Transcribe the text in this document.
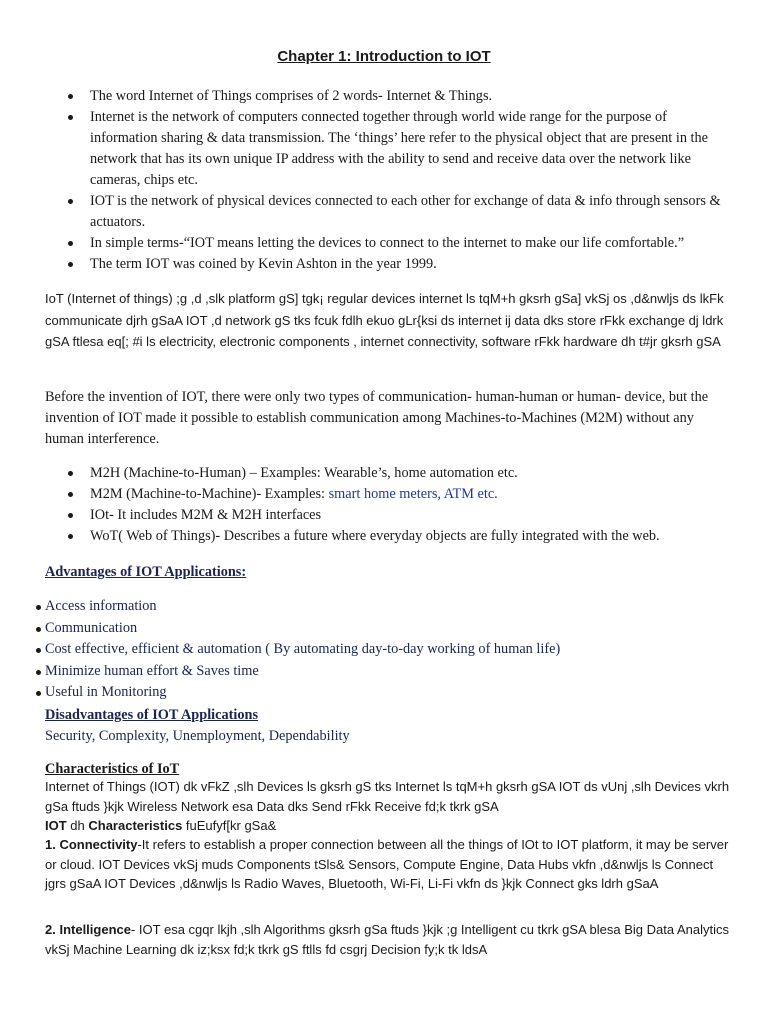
Chapter 1: Introduction to IOT
The word Internet of Things comprises of 2 words- Internet & Things.
Internet is the network of computers connected together through world wide range for the purpose of information sharing & data transmission. The ‘things’ here refer to the physical object that are present in the network that has its own unique IP address with the ability to send and receive data over the network like cameras, chips etc.
IOT is the network of physical devices connected to each other for exchange of data & info through sensors & actuators.
In simple terms-“IOT means letting the devices to connect to the internet to make our life comfortable.”
The term IOT was coined by Kevin Ashton in the year 1999.

IoT (Internet of things) ;g ,d ,slk platform gS] tgk¡ regular devices internet ls tqM+h gksrh gSa] vkSj os ,d&nwljs ds lkFk communicate djrh gSaA IOT ,d network gS tks fcuk fdlh ekuo gLr{ksi ds internet ij data dks store rFkk exchange dj ldrk gSA ftlesa eq[; #i ls electricity, electronic components , internet connectivity, software rFkk hardware dh t#jr gksrh gSA

Before the invention of IOT, there were only two types of communication- human-human or human- device, but the invention of IOT made it possible to establish communication among Machines-to-Machines (M2M) without any human interference.

M2H (Machine-to-Human) – Examples: Wearable’s, home automation etc.
M2M (Machine-to-Machine)- Examples: smart home meters, ATM etc.
IOt- It includes M2M & M2H interfaces
WoT( Web of Things)- Describes a future where everyday objects are fully integrated with the web.
Advantages of IOT Applications:
Access information
Communication
Cost effective, efficient & automation ( By automating day-to-day working of human life)
Minimize human effort & Saves time
Useful in Monitoring
Disadvantages of IOT Applications
Security, Complexity, Unemployment, Dependability
Characteristics of IoT

Internet of Things (IOT) dk vFkZ ,slh Devices ls gksrh gS tks Internet ls tqM+h gksrh gSA IOT ds vUnj ,slh Devices vkrh gSa ftuds }kjk Wireless Network esa Data dks Send rFkk Receive fd;k tkrk gSA

IOT dh Characteristics fuEufyf[kr gSa&

1. Connectivity-It refers to establish a proper connection between all the things of IOt to IOT platform, it may be server or cloud. IOT Devices vkSj muds Components tSls& Sensors, Compute Engine, Data Hubs vkfn ,d&nwljs ls Connect jgrs gSaA IOT Devices ,d&nwljs ls Radio Waves, Bluetooth, Wi-Fi, Li-Fi vkfn ds }kjk Connect gks ldrh gSaA

2. Intelligence- IOT esa cgqr lkjh ,slh Algorithms gksrh gSa ftuds }kjk ;g Intelligent cu tkrk gSA blesa Big Data Analytics vkSj Machine Learning dk iz;ksx fd;k tkrk gS ftlls fd csgrj Decision fy;k tk ldsA
